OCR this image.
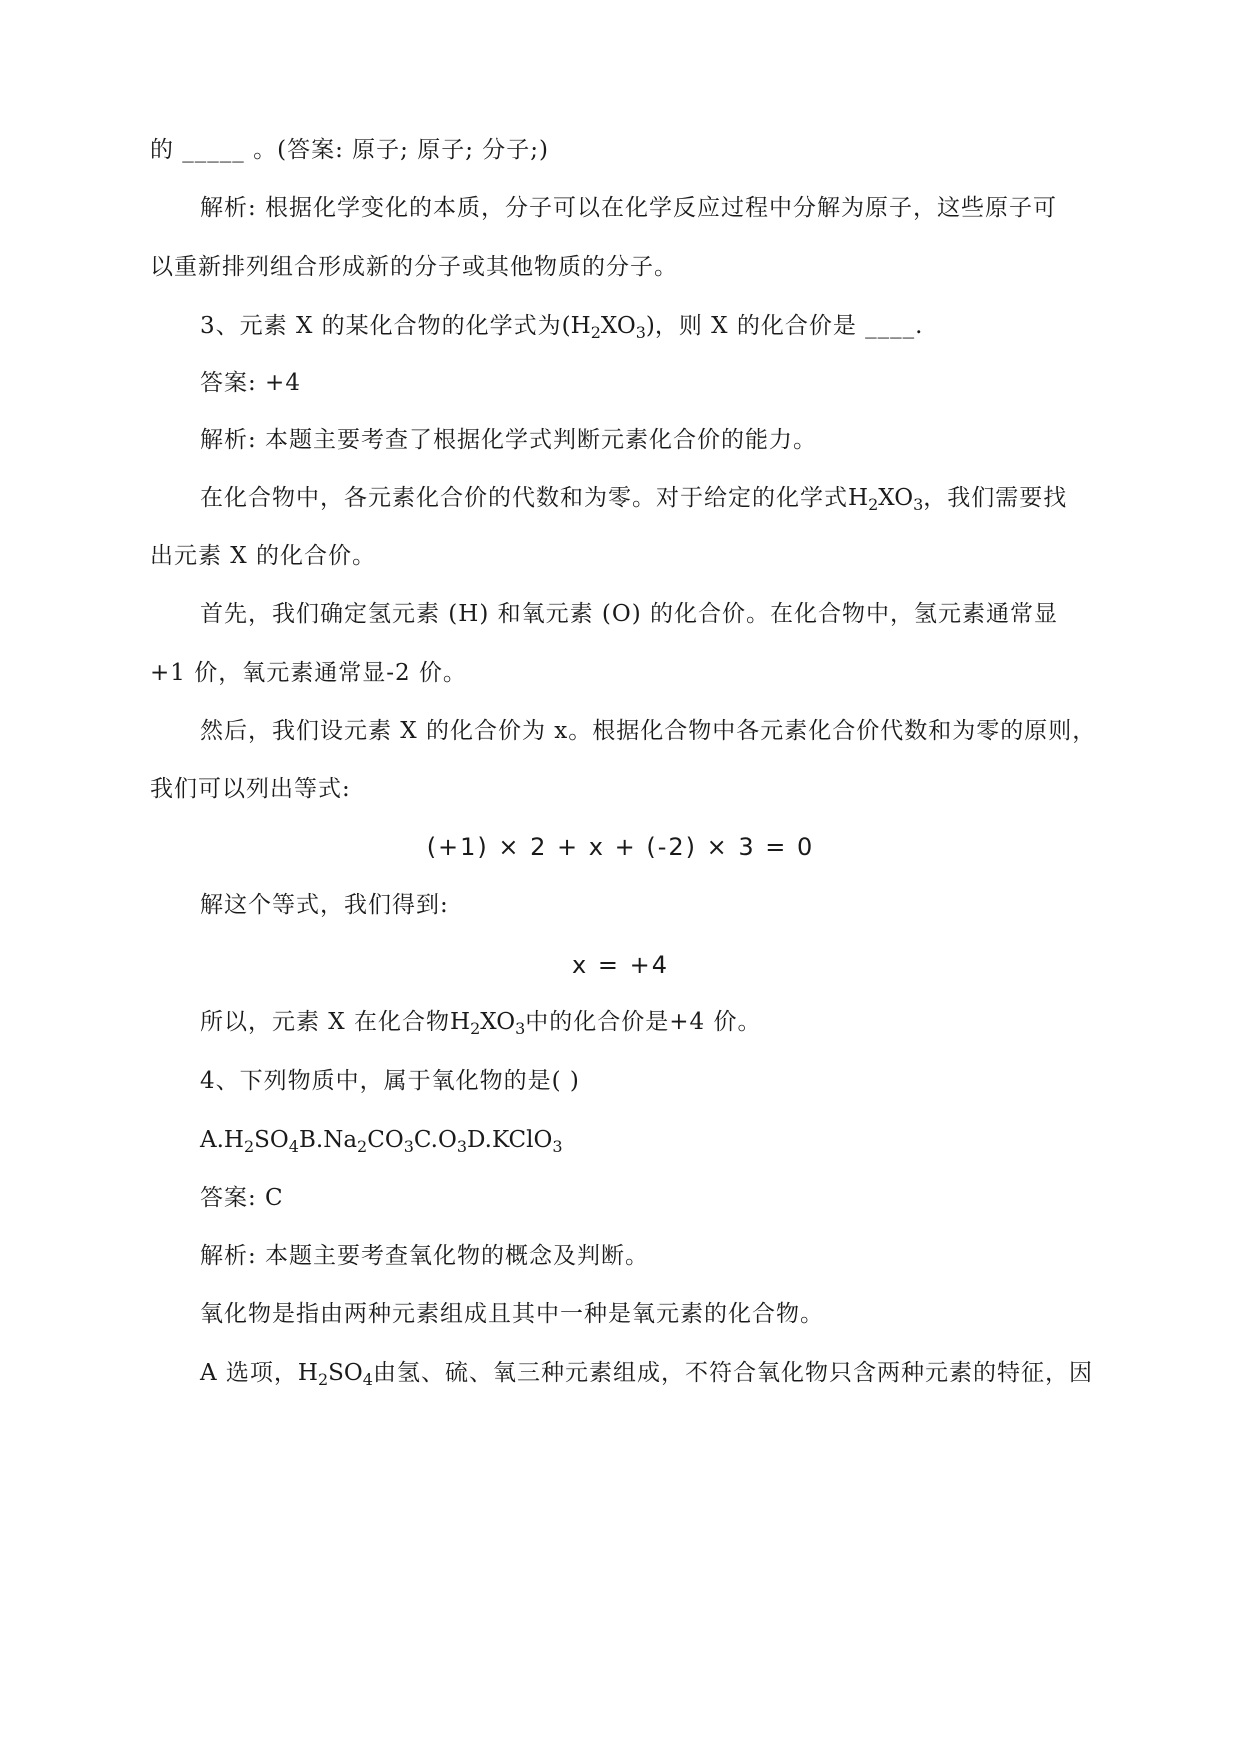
的 _____ 。(答案: 原子; 原子; 分子;)
解析: 根据化学变化的本质，分子可以在化学反应过程中分解为原子，这些原子可
以重新排列组合形成新的分子或其他物质的分子。
3、元素 X 的某化合物的化学式为$(H_2XO_3)$，则 X 的化合价是 ____.
答案: +4
解析: 本题主要考查了根据化学式判断元素化合价的能力。
在化合物中，各元素化合价的代数和为零。对于给定的化学式$H_2XO_3$，我们需要找
出元素 X 的化合价。
首先，我们确定氢元素 (H) 和氧元素 (O) 的化合价。在化合物中，氢元素通常显
+1 价，氧元素通常显-2 价。
然后，我们设元素 X 的化合价为 x。根据化合物中各元素化合价代数和为零的原则，
我们可以列出等式:
(+1) × 2 + x + (-2) × 3 = 0
解这个等式，我们得到:
x = +4
所以，元素 X 在化合物$H_2XO_3$中的化合价是+4 价。
4、下列物质中，属于氧化物的是( )
$A.H_2SO_4B.Na_2CO_3C.O_3D.KClO_3$
答案: C
解析: 本题主要考查氧化物的概念及判断。
氧化物是指由两种元素组成且其中一种是氧元素的化合物。
A 选项，$H_2SO_4$由氢、硫、氧三种元素组成，不符合氧化物只含两种元素的特征，因
